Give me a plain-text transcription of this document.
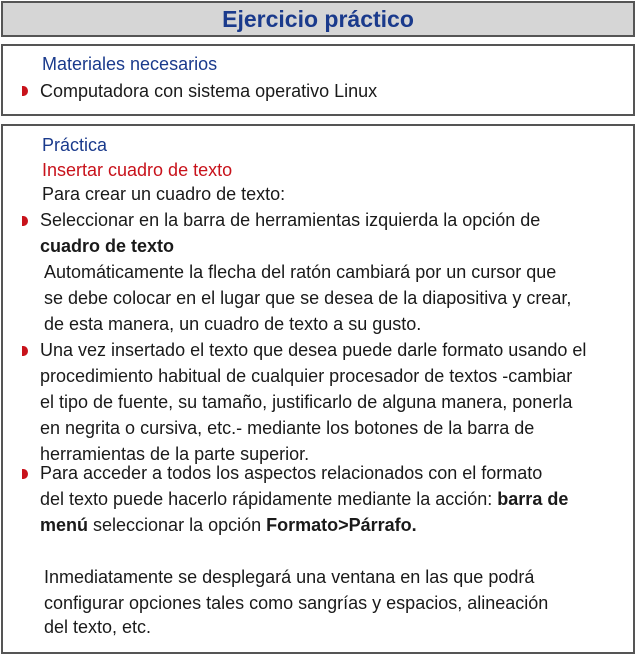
Ejercicio práctico
Materiales necesarios
Computadora con sistema operativo Linux
Práctica
Insertar cuadro de texto
Para crear un cuadro de texto:
Seleccionar en la barra de herramientas izquierda la opción de
cuadro de texto
Automáticamente la flecha del ratón cambiará por un cursor que
se debe colocar en el lugar que se desea de la diapositiva y crear,
de esta manera, un cuadro de texto a su gusto.
Una vez insertado el texto que desea puede darle formato usando el
procedimiento habitual de cualquier procesador de textos -cambiar
el tipo de fuente, su tamaño, justificarlo de alguna manera, ponerla
en negrita o cursiva, etc.- mediante los botones de la barra de
herramientas de la parte superior.
Para acceder a todos los aspectos relacionados con el formato
del texto puede hacerlo rápidamente mediante la acción: barra de
menú seleccionar la opción Formato>Párrafo.
Inmediatamente se desplegará una ventana en las que podrá
configurar opciones tales como sangrías y espacios, alineación
del texto, etc.
